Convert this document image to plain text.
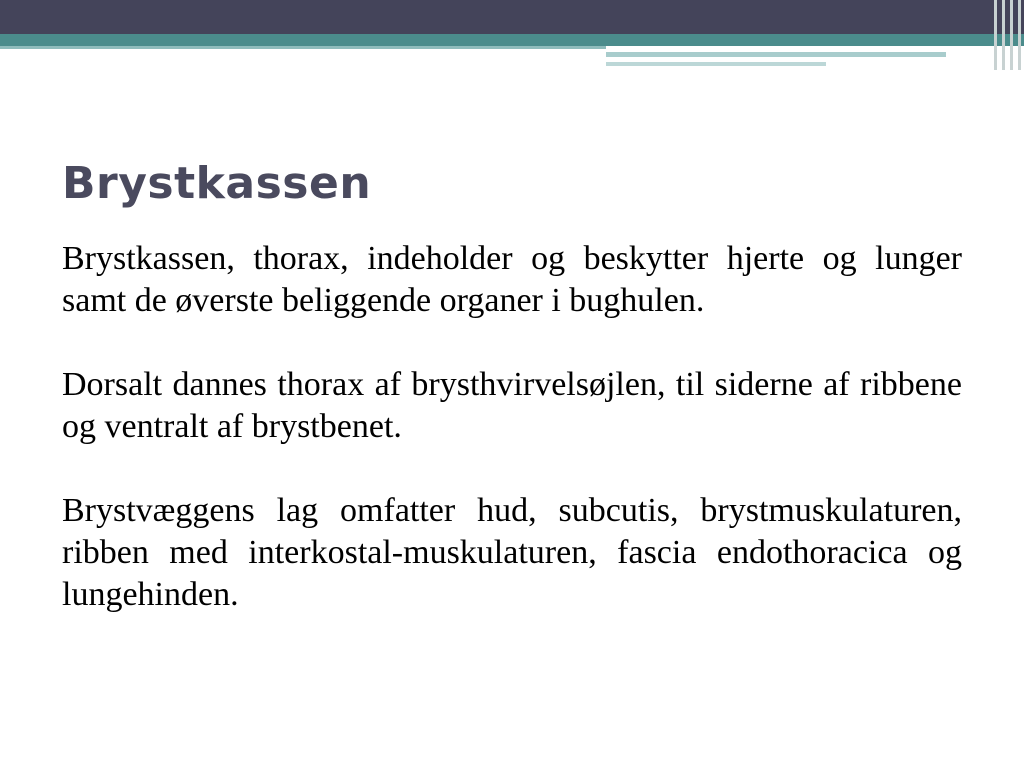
Brystkassen

Brystkassen, thorax, indeholder og beskytter hjerte og lunger samt de øverste beliggende organer i bughulen.

Dorsalt dannes thorax af brysthvirvelsøjlen, til siderne af ribbene og ventralt af brystbenet.

Brystvæggens lag omfatter hud, subcutis, brystmuskulaturen, ribben med interkostal-muskulaturen, fascia endothoracica og lungehinden.
